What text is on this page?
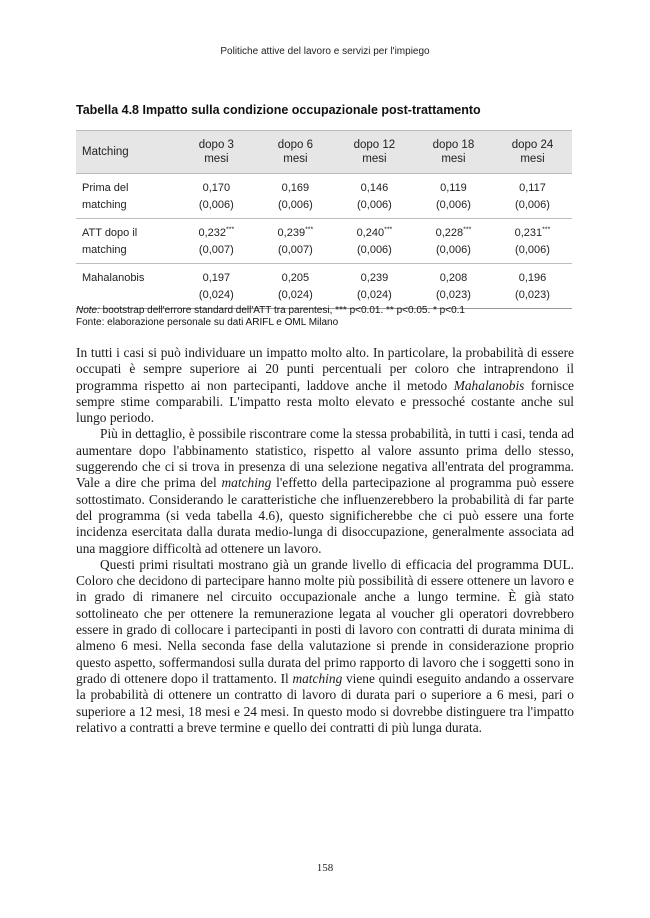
Politiche attive del lavoro e servizi per l'impiego
Tabella 4.8 Impatto sulla condizione occupazionale post-trattamento
Matching
dopo 3
mesi
dopo 6
mesi
dopo 12
mesi
dopo 18
mesi
dopo 24
mesi
Prima del
matching
0,170
(0,006)
0,169
(0,006)
0,146
(0,006)
0,119
(0,006)
0,117
(0,006)
ATT dopo il
matching
0,232***
(0,007)
0,239***
(0,007)
0,240***
(0,006)
0,228***
(0,006)
0,231***
(0,006)
Mahalanobis	0,197
(0,024)
0,205
(0,024)
0,239
(0,024)
0,208
(0,023)
0,196
(0,023)
Note: bootstrap dell'errore standard dell'ATT tra parentesi, *** p<0.01. ** p<0.05. * p<0.1
Fonte: elaborazione personale su dati ARIFL e OML Milano

In tutti i casi si può individuare un impatto molto alto. In particolare, la probabilità di essere occupati è sempre superiore ai 20 punti percentuali per coloro che intraprendono il programma rispetto ai non partecipanti, laddove anche il metodo Mahalanobis fornisce sempre stime comparabili. L'impatto resta molto elevato e pressoché costante anche sul lungo periodo.

Più in dettaglio, è possibile riscontrare come la stessa probabilità, in tutti i casi, tenda ad aumentare dopo l'abbinamento statistico, rispetto al valore assunto prima dello stesso, suggerendo che ci si trova in presenza di una selezione negativa all'entrata del programma. Vale a dire che prima del matching l'effetto della partecipazione al programma può essere sottostimato. Considerando le caratteristiche che influenzerebbero la probabilità di far parte del programma (si veda tabella 4.6), questo significherebbe che ci può essere una forte incidenza esercitata dalla durata medio-lunga di disoccupazione, generalmente associata ad una maggiore difficoltà ad ottenere un lavoro.

Questi primi risultati mostrano già un grande livello di efficacia del programma DUL. Coloro che decidono di partecipare hanno molte più possibilità di essere ottenere un lavoro e in grado di rimanere nel circuito occupazionale anche a lungo termine. È già stato sottolineato che per ottenere la remunerazione legata al voucher gli operatori dovrebbero essere in grado di collocare i partecipanti in posti di lavoro con contratti di durata minima di almeno 6 mesi. Nella seconda fase della valutazione si prende in considerazione proprio questo aspetto, soffermandosi sulla durata del primo rapporto di lavoro che i soggetti sono in grado di ottenere dopo il trattamento. Il matching viene quindi eseguito andando a osservare la probabilità di ottenere un contratto di lavoro di durata pari o superiore a 6 mesi, pari o superiore a 12 mesi, 18 mesi e 24 mesi. In questo modo si dovrebbe distinguere tra l'impatto relativo a contratti a breve termine e quello dei contratti di più lunga durata.

158
